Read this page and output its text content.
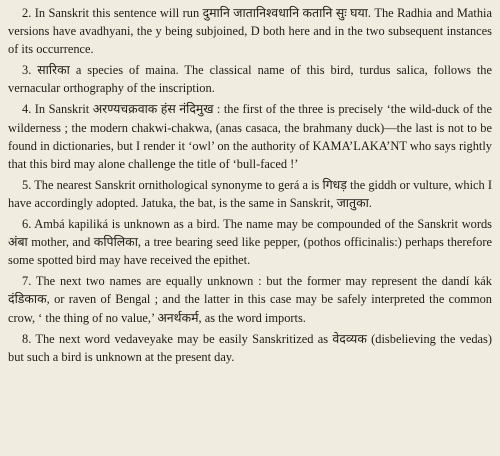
2. In Sanskrit this sentence will run दुमानि जातानिश्वधानि कतानि सुः घया. The Radhia and Mathia versions have avadhyani, the y being subjoined, D both here and in the two subsequent instances of its occurrence.

3. सारिका a species of maina. The classical name of this bird, turdus salica, follows the vernacular orthography of the inscription.

4. In Sanskrit अरण्यचक्रवाक हंस नंदिमुख : the first of the three is precisely ‘the wild-duck of the wilderness ; the modern chakwi-chakwa, (anas casaca, the brahmany duck)—the last is not to be found in dictionaries, but I render it ‘owl’ on the authority of KAMA’LAKA’NT who says rightly that this bird may alone challenge the title of ‘bull-faced !’

5. The nearest Sanskrit ornithological synonyme to gerá a is गिधड़ the giddh or vulture, which I have accordingly adopted. Jatuka, the bat, is the same in Sanskrit, जातुका.

6. Ambá kapiliká is unknown as a bird. The name may be compounded of the Sanskrit words अंबा mother, and कपिलिका, a tree bearing seed like pepper, (pothos officinalis:) perhaps therefore some spotted bird may have received the epithet.

7. The next two names are equally unknown : but the former may represent the dandí kák दंडिकाक, or raven of Bengal ; and the latter in this case may be safely interpreted the common crow, ‘ the thing of no value,’ अनर्थकर्म, as the word imports.

8. The next word vedaveyake may be easily Sanskritized as वेदव्यक (disbelieving the vedas) but such a bird is unknown at the present day.
